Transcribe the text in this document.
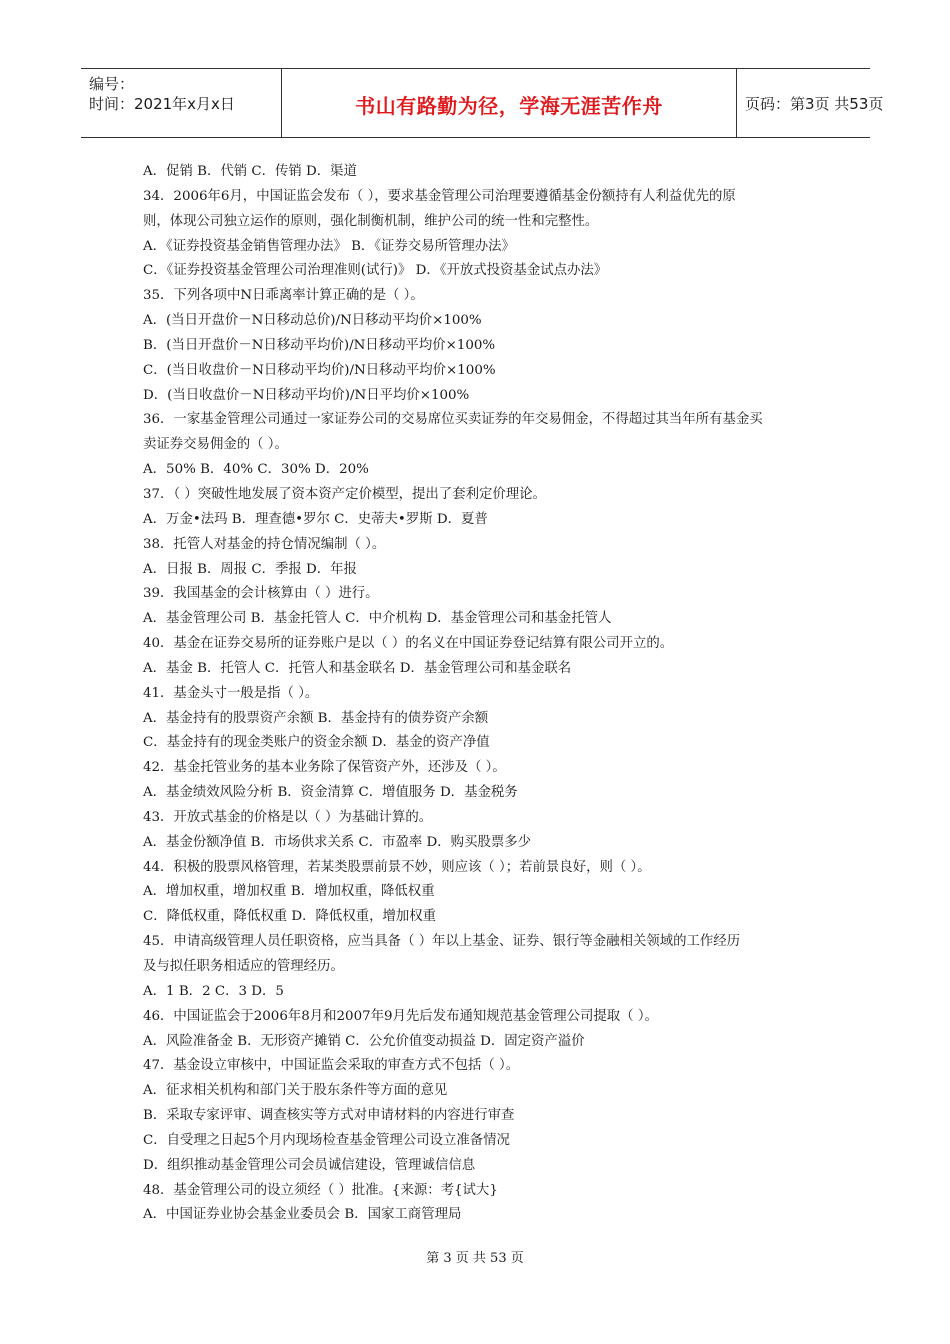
编号：
时间：2021年x月x日	书山有路勤为径，学海无涯苦作舟	页码：第3页 共53页
A．促销 B．代销 C．传销 D．渠道
34．2006年6月，中国证监会发布（ ），要求基金管理公司治理要遵循基金份额持有人利益优先的原
则，体现公司独立运作的原则，强化制衡机制，维护公司的统一性和完整性。
A．《证券投资基金销售管理办法》 B．《证券交易所管理办法》
C．《证券投资基金管理公司治理准则(试行)》 D．《开放式投资基金试点办法》
35．下列各项中N日乖离率计算正确的是（ ）。
A．(当日开盘价－N日移动总价)/N日移动平均价×100%
B．(当日开盘价－N日移动平均价)/N日移动平均价×100%
C．(当日收盘价－N日移动平均价)/N日移动平均价×100%
D．(当日收盘价－N日移动平均价)/N日平均价×100%
36．一家基金管理公司通过一家证券公司的交易席位买卖证券的年交易佣金，不得超过其当年所有基金买
卖证券交易佣金的（ ）。
A．50% B．40% C．30% D．20%
37．（ ）突破性地发展了资本资产定价模型，提出了套利定价理论。
A．万金•法玛 B．理查德•罗尔 C．史蒂夫•罗斯 D．夏普
38．托管人对基金的持仓情况编制（ ）。
A．日报 B．周报 C．季报 D．年报
39．我国基金的会计核算由（ ）进行。
A．基金管理公司 B．基金托管人 C．中介机构 D．基金管理公司和基金托管人
40．基金在证券交易所的证券账户是以（ ）的名义在中国证券登记结算有限公司开立的。
A．基金 B．托管人 C．托管人和基金联名 D．基金管理公司和基金联名
41．基金头寸一般是指（ ）。
A．基金持有的股票资产余额 B．基金持有的债券资产余额
C．基金持有的现金类账户的资金余额 D．基金的资产净值
42．基金托管业务的基本业务除了保管资产外，还涉及（ ）。
A．基金绩效风险分析 B．资金清算 C．增值服务 D．基金税务
43．开放式基金的价格是以（ ）为基础计算的。
A．基金份额净值 B．市场供求关系 C．市盈率 D．购买股票多少
44．积极的股票风格管理，若某类股票前景不妙，则应该（ ）；若前景良好，则（ ）。
A．增加权重，增加权重 B．增加权重，降低权重
C．降低权重，降低权重 D．降低权重，增加权重
45．申请高级管理人员任职资格，应当具备（ ）年以上基金、证券、银行等金融相关领域的工作经历
及与拟任职务相适应的管理经历。
A．1 B．2 C．3 D．5
46．中国证监会于2006年8月和2007年9月先后发布通知规范基金管理公司提取（ ）。
A．风险准备金 B．无形资产摊销 C．公允价值变动损益 D．固定资产溢价
47．基金设立审核中，中国证监会采取的审查方式不包括（ ）。
A．征求相关机构和部门关于股东条件等方面的意见
B．采取专家评审、调查核实等方式对申请材料的内容进行审查
C．自受理之日起5个月内现场检查基金管理公司设立准备情况
D．组织推动基金管理公司会员诚信建设，管理诚信信息
48．基金管理公司的设立须经（ ）批准。{来源：考{试大}
A．中国证券业协会基金业委员会 B．国家工商管理局
第 3 页 共 53 页
